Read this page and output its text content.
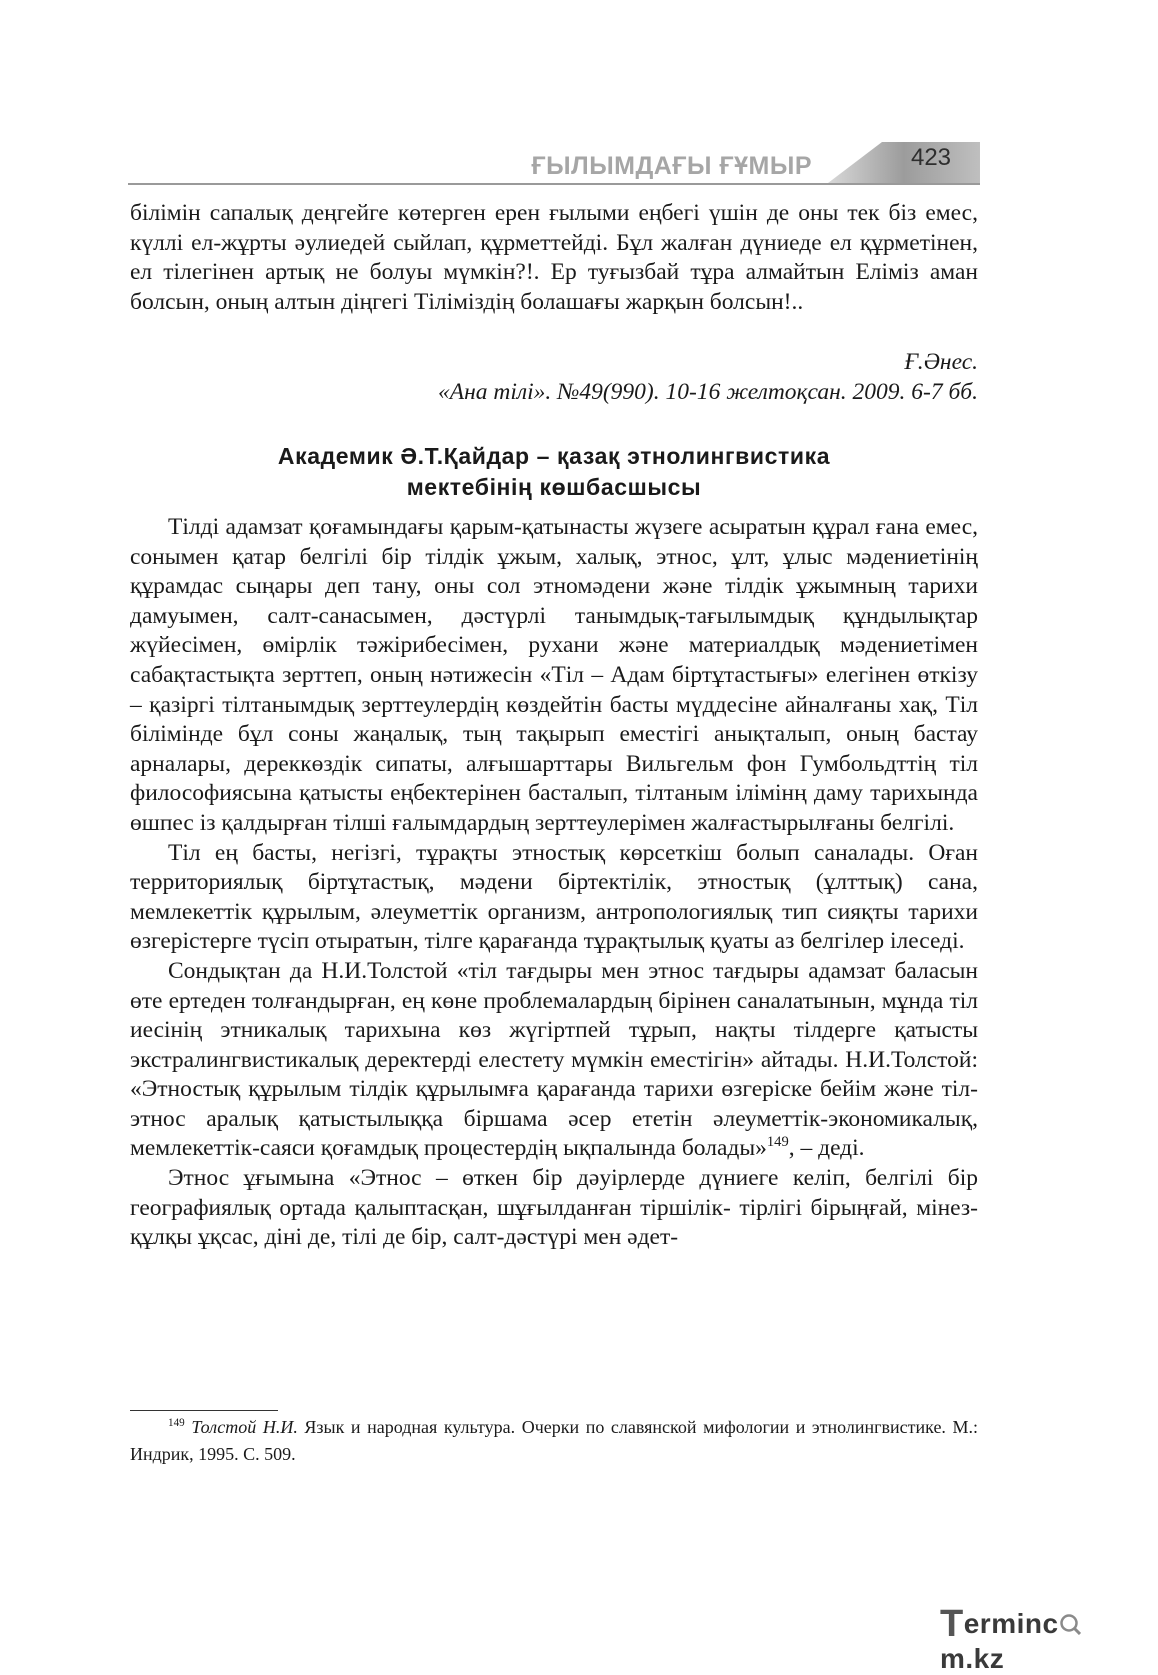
ҒЫЛЫМДАҒЫ ҒҰМЫР	423

білімін сапалық деңгейге көтерген ерен ғылыми еңбегі үшін де оны тек біз емес, күллі ел-жұрты әулиедей сыйлап, құрметтейді. Бұл жалған дүниеде ел құрметінен, ел тілегінен артық не болуы мүмкін?!. Ер туғызбай тұра алмайтын Еліміз аман болсын, оның алтын діңгегі Тіліміздің болашағы жарқын болсын!..

Ғ.Әнес.
«Ана тілі». №49(990). 10-16 желтоқсан. 2009. 6-7 бб.
Академик Ә.Т.Қайдар – қазақ этнолингвистика
мектебінің көшбасшысы

Тілді адамзат қоғамындағы қарым-қатынасты жүзеге асыратын құрал ғана емес, сонымен қатар белгілі бір тілдік ұжым, халық, этнос, ұлт, ұлыс мәдениетінің құрамдас сыңары деп тану, оны сол этномәдени және тілдік ұжымның тарихи дамуымен, салт-санасымен, дәстүрлі танымдық-тағылымдық құндылықтар жүйесімен, өмірлік тәжірибесімен, рухани және материалдық мәдениетімен сабақтастықта зерттеп, оның нәтижесін «Тіл – Адам біртұтастығы» елегінен өткізу – қазіргі тілтанымдық зерттеулердің көздейтін басты мүддесіне айналғаны хақ, Тіл білімінде бұл соны жаңалық, тың тақырып еместігі анықталып, оның бастау арналары, дереккөздік сипаты, алғышарттары Вильгельм фон Гумбольдттің тіл философиясына қатысты еңбектерінен басталып, тілтаным ілімінң даму тарихында өшпес із қалдырған тілші ғалымдардың зерттеулерімен жалғастырылғаны белгілі.

Тіл ең басты, негізгі, тұрақты этностық көрсеткіш болып саналады. Оған территориялық біртұтастық, мәдени біртектілік, этностық (ұлттық) сана, мемлекеттік құрылым, әлеуметтік организм, антропологиялық тип сияқты тарихи өзгерістерге түсіп отыратын, тілге қарағанда тұрақтылық қуаты аз белгілер ілеседі.

Сондықтан да Н.И.Толстой «тіл тағдыры мен этнос тағдыры адамзат баласын өте ертеден толғандырған, ең көне проблемалардың бірінен саналатынын, мұнда тіл иесінің этникалық тарихына көз жүгіртпей тұрып, нақты тілдерге қатысты экстралингвистикалық деректерді елестету мүмкін еместігін» айтады. Н.И.Толстой: «Этностық құрылым тілдік құрылымға қарағанда тарихи өзгеріске бейім және тіл-этнос аралық қатыстылыққа біршама әсер ететін әлеуметтік-экономикалық, мемлекеттік-саяси қоғамдық процестердің ықпалында болады»$^{149}$, – деді.

Этнос ұғымына «Этнос – өткен бір дәуірлерде дүниеге келіп, белгілі бір географиялық ортада қалыптасқан, шұғылданған тіршілік- тірлігі бірыңғай, мінез-құлқы ұқсас, діні де, тілі де бір, салт-дәстүрі мен әдет-

$^{149}$ Толстой Н.И. Язык и народная культура. Очерки по славянской мифологии и этнолингвистике. М.: Индрик, 1995. С. 509.

Termincm.kz
